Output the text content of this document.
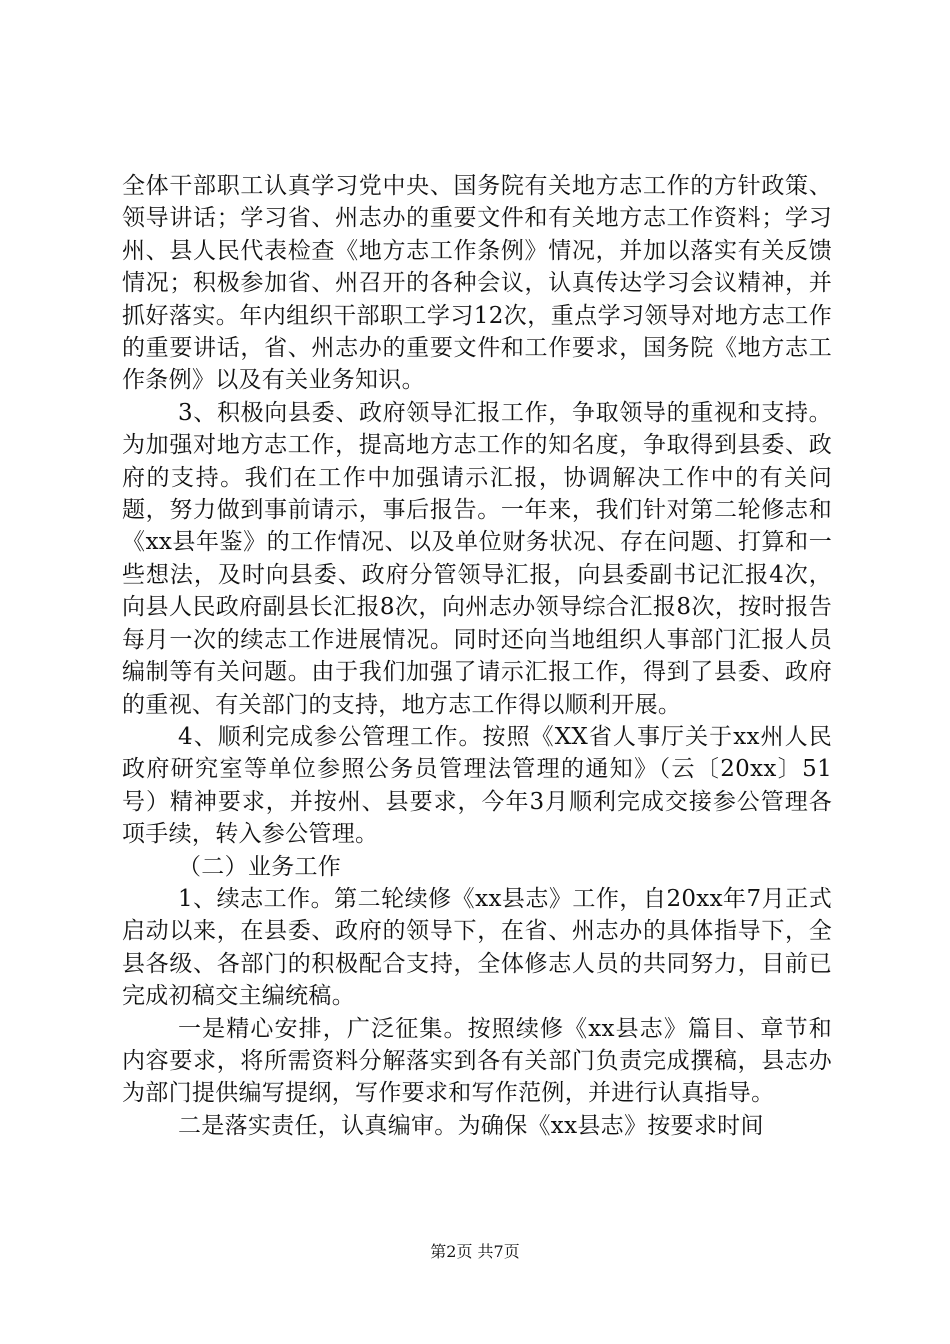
全体干部职工认真学习党中央、国务院有关地方志工作的方针政策、领导讲话；学习省、州志办的重要文件和有关地方志工作资料；学习州、县人民代表检查《地方志工作条例》情况，并加以落实有关反馈情况；积极参加省、州召开的各种会议，认真传达学习会议精神，并抓好落实。年内组织干部职工学习12次，重点学习领导对地方志工作的重要讲话，省、州志办的重要文件和工作要求，国务院《地方志工作条例》以及有关业务知识。

3、积极向县委、政府领导汇报工作，争取领导的重视和支持。为加强对地方志工作，提高地方志工作的知名度，争取得到县委、政府的支持。我们在工作中加强请示汇报，协调解决工作中的有关问题，努力做到事前请示，事后报告。一年来，我们针对第二轮修志和《xx县年鉴》的工作情况、以及单位财务状况、存在问题、打算和一些想法，及时向县委、政府分管领导汇报，向县委副书记汇报4次，向县人民政府副县长汇报8次，向州志办领导综合汇报8次，按时报告每月一次的续志工作进展情况。同时还向当地组织人事部门汇报人员编制等有关问题。由于我们加强了请示汇报工作，得到了县委、政府的重视、有关部门的支持，地方志工作得以顺利开展。

4、顺利完成参公管理工作。按照《XX省人事厅关于xx州人民政府研究室等单位参照公务员管理法管理的通知》（云〔20xx〕51号）精神要求，并按州、县要求，今年3月顺利完成交接参公管理各项手续，转入参公管理。

（二）业务工作

1、续志工作。第二轮续修《xx县志》工作，自20xx年7月正式启动以来，在县委、政府的领导下，在省、州志办的具体指导下，全县各级、各部门的积极配合支持，全体修志人员的共同努力，目前已完成初稿交主编统稿。

一是精心安排，广泛征集。按照续修《xx县志》篇目、章节和内容要求，将所需资料分解落实到各有关部门负责完成撰稿，县志办为部门提供编写提纲，写作要求和写作范例，并进行认真指导。

二是落实责任，认真编审。为确保《xx县志》按要求时间

第2页 共7页
